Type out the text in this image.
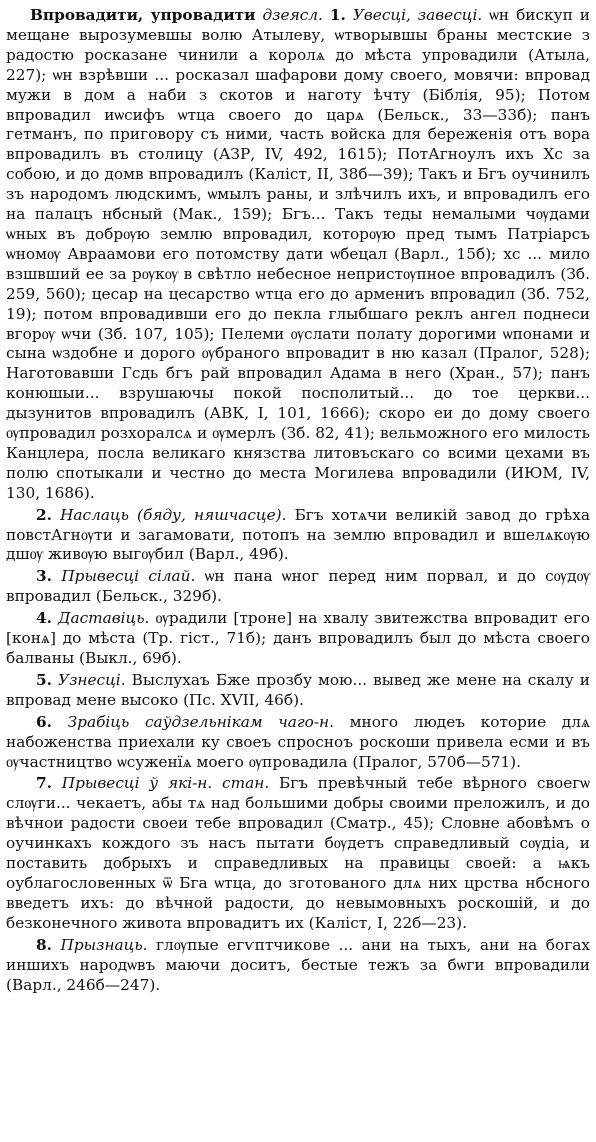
Впровадити, упровадити дзеясл. 1. Увесці, завесці. ѡн бискуп и мещане вырозумевшы волю Атылеву, ѡтворывшы браны местские з радостю росказане чинили а королѧ до мѣста упровадили (Атыла, 227); ѡн взрѣвши ... росказал шафарови дому своего, мовячи: впровад мужи в дом а наби з скотов и наготу ѣчту (Біблія, 95); Потом впровадил иѡсифъ ѡтца своего до царѧ (Бельск., 33—33б); панъ гетманъ, по приговору съ ними, часть войска для береженія отъ вора впровадилъ въ столицу (АЗР, IV, 492, 1615); ПотАгноулъ ихъ Хс за собою, и до домв впровадилъ (Каліст, II, 38б—39); Такъ и Бгъ оучинилъ зъ народомъ людскимъ, ѡмылъ раны, и злѣчилъ ихъ, и впровадилъ его на палацъ нбсный (Мак., 159); Бгъ... Такъ теды немалыми чѹдами ѡных въ добрѹю землю впровадил, которѹю пред тымъ Патріарсъ ѡномѹ Авраамови его потомству дати ѡбецал (Варл., 15б); хс ... мило взшвший ее за рѹкѹ в свѣтло небесное непристѹпное впровадилъ (Зб. 259, 560); цесар на цесарство ѡтца его до армениъ впровадил (Зб. 752, 19); потом впровадивши его до пекла глыбшаго реклъ ангел поднеси вгорѹ ѡчи (Зб. 107, 105); Пелеми ѹслати полату дорогими ѡпонами и сына ѡздобне и дорого ѹбраного впровадит в ню казал (Пралог, 528); Наготовавши Гсдь бгъ рай впровадил Адама в него (Хран., 57); панъ конюшыи... взрушаючы покой посполитый... до тое церкви... дызунитов впровадилъ (АВК, І, 101, 1666); скоро еи до дому своего ѹпровадил розхоралсѧ и ѹмерлъ (Зб. 82, 41); вельможного его милость Канцлера, посла великаго князства литовъскаго со всими цехами въ полю спотыкали и честно до места Могилева впровадили (ИЮМ, IV, 130, 1686).

2. Наслаць (бяду, няшчасце). Бгъ хотѧчи великій завод до грѣха повстАгнѹти и загамовати, потопъ на землю впровадил и вшелѧкѹю дшѹ живѹю выгѹбил (Варл., 49б).

3. Прывесці сілай. ѡн пана ѡног перед ним порвал, и до сѹдѹ впровадил (Бельск., 329б).

4. Даставіць. ѹрадили [троне] на хвалу звитежства впровадит его [конѧ] до мѣста (Тр. гіст., 71б); данъ впровадилъ был до мѣста своего балваны (Выкл., 69б).

5. Узнесці. Выслухаъ Бже прозбу мою... вывед же мене на скалу и впровад мене высоко (Пс. XVII, 46б).

6. Зрабіць саўдзельнікам чаго-н. много людеъ которие длѧ набоженства приехали ку своеъ спросноъ роскоши привела есми и въ ѹчастництво ѡсуженїѧ моего ѹпровадила (Пралог, 570б—571).

7. Прывесці ў які-н. стан. Бгъ превѣчный тебе вѣрного своегѡ слѹги... чекаетъ, абы тѧ над большими добры своими преложилъ, и до вѣчнои радости своеи тебе впровадил (Сматр., 45); Словне абовѣмъ о оучинкахъ кождого зъ насъ пытати бѹдетъ справедливый сѹдіа, и поставить добрыхъ и справедливых на правицы своей: а ѩкъ оублагословенных ѿ Бга ѡтца, до зготованого длѧ них црства нбсного введетъ ихъ: до вѣчной радости, до невымовныхъ роскошій, и до безконечного живота впровадитъ их (Каліст, І, 22б—23).

8. Прызнаць. глѹпые егѵптчикове ... ани на тыхъ, ани на богах иншихъ народѡвъ маючи доситъ, бестые тежъ за бѡги впровадили (Варл., 246б—247).
